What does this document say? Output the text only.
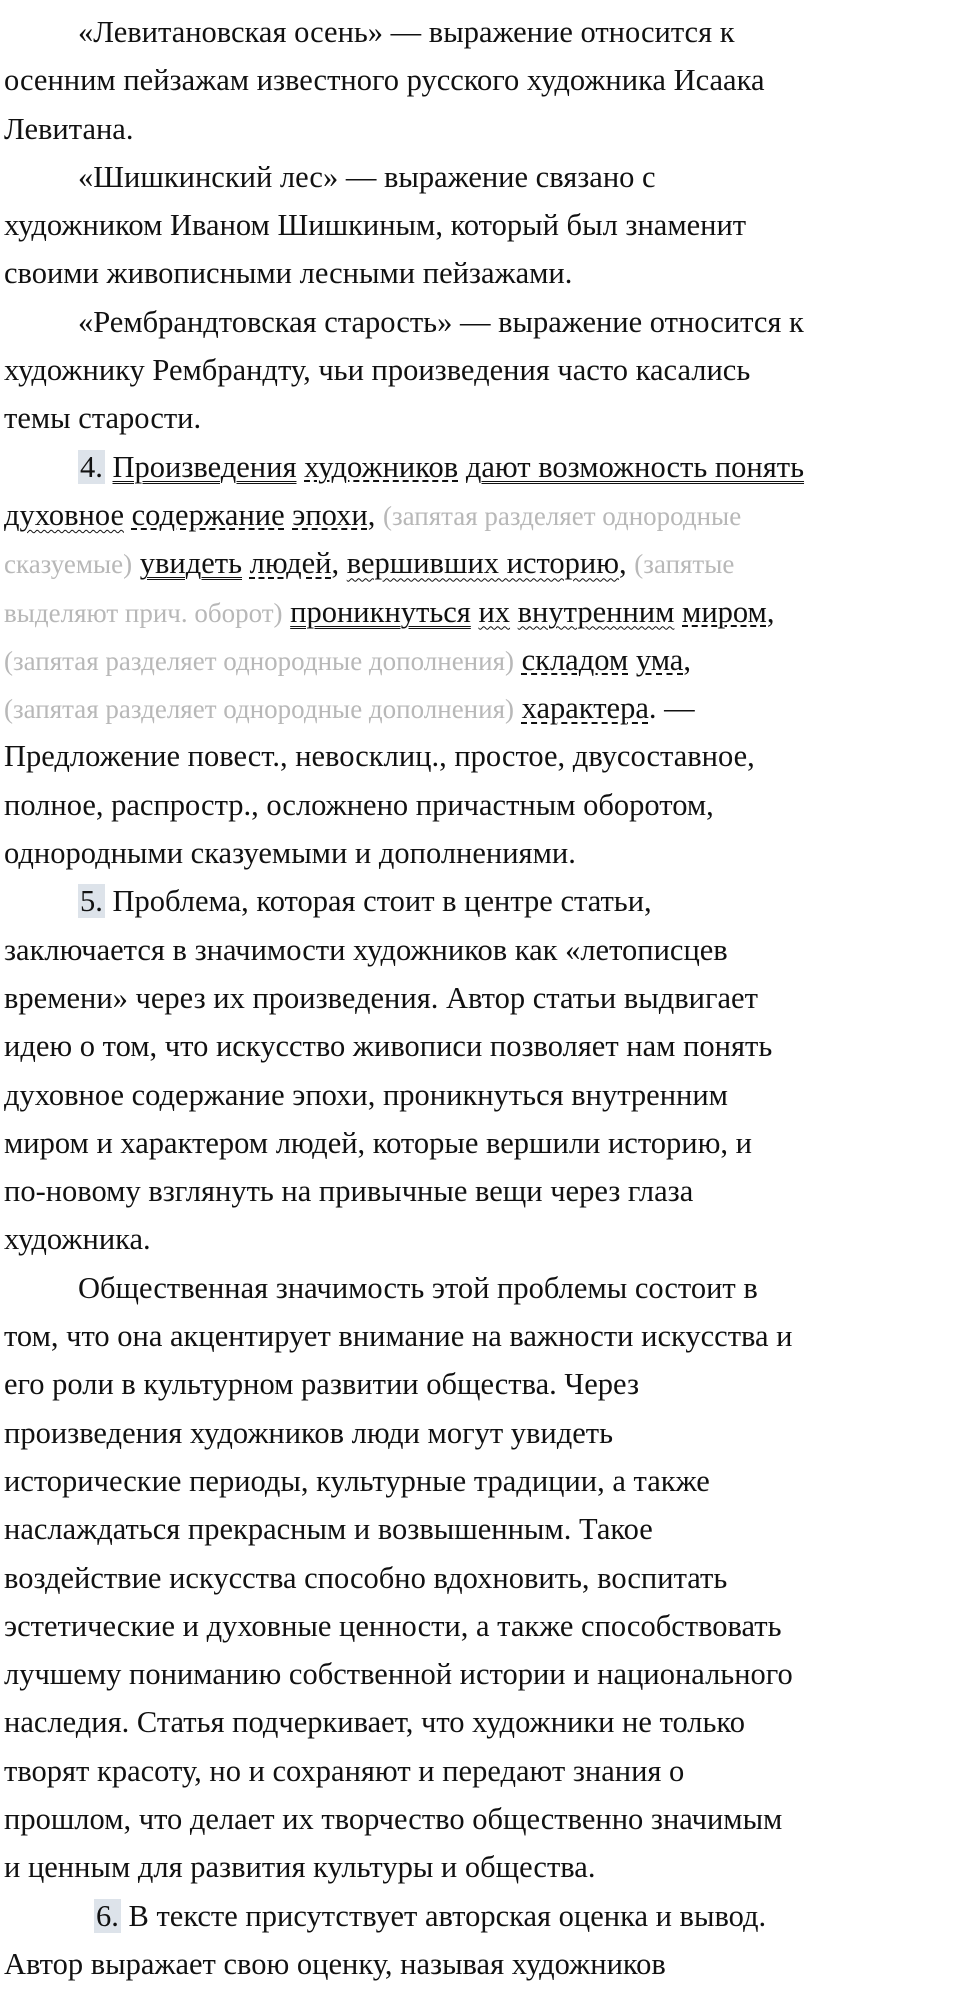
«Левитановская осень» — выражение относится к
осенним пейзажам известного русского художника Исаака
Левитана.
«Шишкинский лес» — выражение связано с
художником Иваном Шишкиным, который был знаменит
своими живописными лесными пейзажами.
«Рембрандтовская старость» — выражение относится к
художнику Рембрандту, чьи произведения часто касались
темы старости.
4. Произведения художников дают возможность понять
духовное содержание эпохи, (запятая разделяет однородные
сказуемые) увидеть людей, вершивших историю, (запятые
выделяют прич. оборот) проникнуться их внутренним миром,
(запятая разделяет однородные дополнения) складом ума,
(запятая разделяет однородные дополнения) характера. —
Предложение повест., невосклиц., простое, двусоставное,
полное, распростр., осложнено причастным оборотом,
однородными сказуемыми и дополнениями.
5. Проблема, которая стоит в центре статьи,
заключается в значимости художников как «летописцев
времени» через их произведения. Автор статьи выдвигает
идею о том, что искусство живописи позволяет нам понять
духовное содержание эпохи, проникнуться внутренним
миром и характером людей, которые вершили историю, и
по-новому взглянуть на привычные вещи через глаза
художника.
Общественная значимость этой проблемы состоит в
том, что она акцентирует внимание на важности искусства и
его роли в культурном развитии общества. Через
произведения художников люди могут увидеть
исторические периоды, культурные традиции, а также
наслаждаться прекрасным и возвышенным. Такое
воздействие искусства способно вдохновить, воспитать
эстетические и духовные ценности, а также способствовать
лучшему пониманию собственной истории и национального
наследия. Статья подчеркивает, что художники не только
творят красоту, но и сохраняют и передают знания о
прошлом, что делает их творчество общественно значимым
и ценным для развития культуры и общества.
6. В тексте присутствует авторская оценка и вывод.
Автор выражает свою оценку, называя художников
